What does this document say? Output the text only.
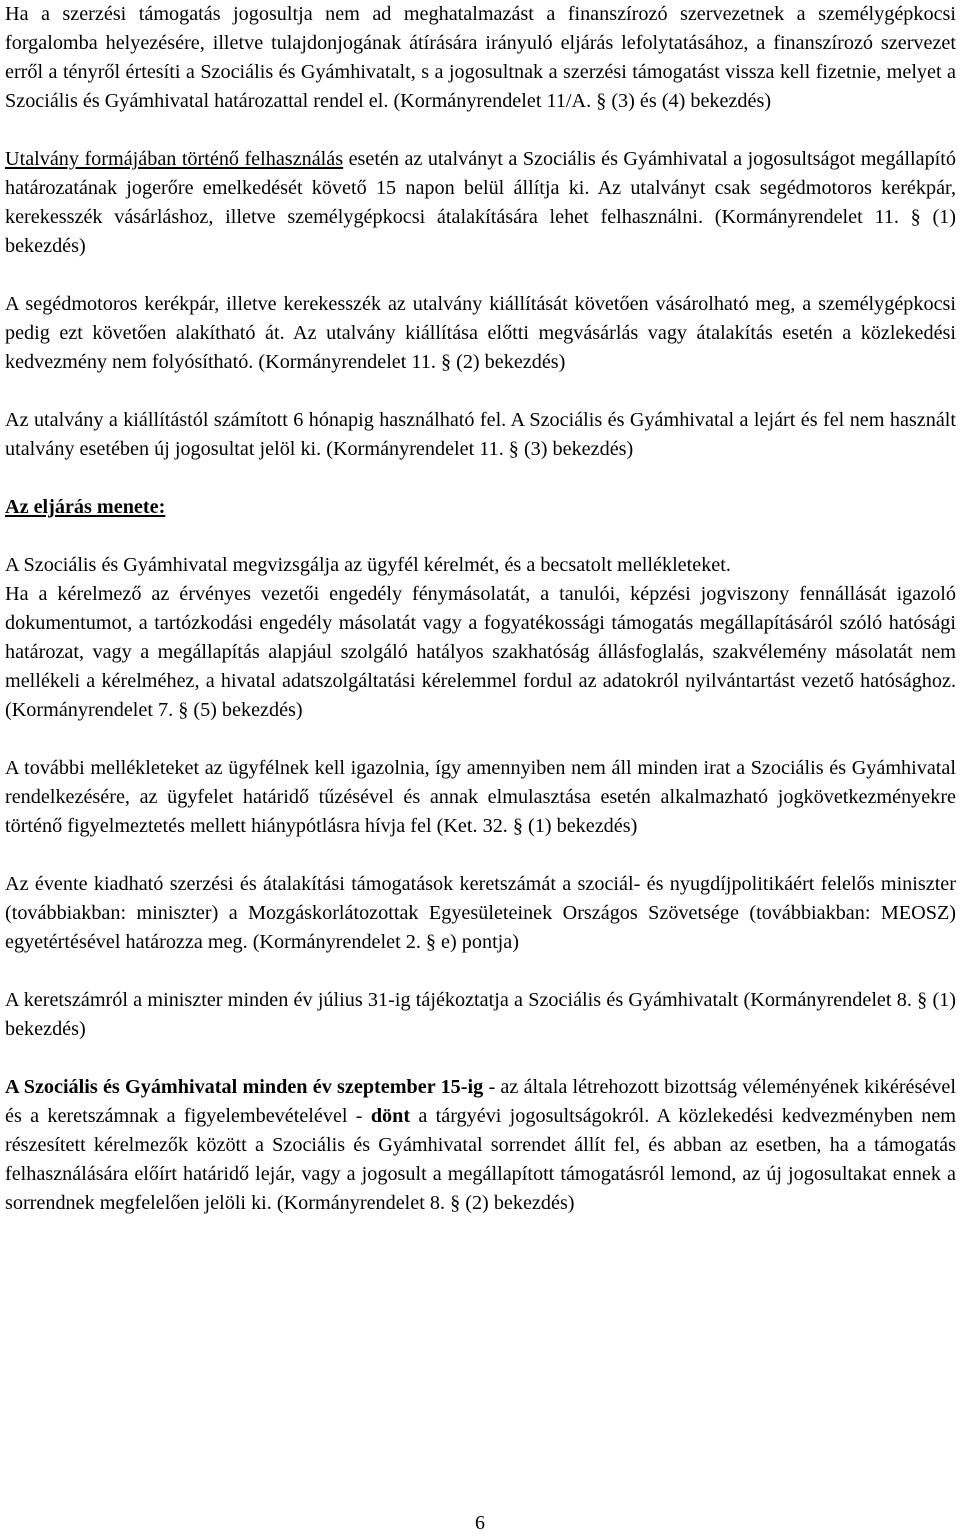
Ha a szerzési támogatás jogosultja nem ad meghatalmazást a finanszírozó szervezetnek a személygépkocsi forgalomba helyezésére, illetve tulajdonjogának átírására irányuló eljárás lefolytatásához, a finanszírozó szervezet erről a tényről értesíti a Szociális és Gyámhivatalt, s a jogosultnak a szerzési támogatást vissza kell fizetnie, melyet a Szociális és Gyámhivatal határozattal rendel el. (Kormányrendelet 11/A. § (3) és (4) bekezdés)

Utalvány formájában történő felhasználás esetén az utalványt a Szociális és Gyámhivatal a jogosultságot megállapító határozatának jogerőre emelkedését követő 15 napon belül állítja ki. Az utalványt csak segédmotoros kerékpár, kerekesszék vásárláshoz, illetve személygépkocsi átalakítására lehet felhasználni. (Kormányrendelet 11. § (1) bekezdés)

A segédmotoros kerékpár, illetve kerekesszék az utalvány kiállítását követően vásárolható meg, a személygépkocsi pedig ezt követően alakítható át. Az utalvány kiállítása előtti megvásárlás vagy átalakítás esetén a közlekedési kedvezmény nem folyósítható. (Kormányrendelet 11. § (2) bekezdés)

Az utalvány a kiállítástól számított 6 hónapig használható fel. A Szociális és Gyámhivatal a lejárt és fel nem használt utalvány esetében új jogosultat jelöl ki. (Kormányrendelet 11. § (3) bekezdés)

Az eljárás menete:

A Szociális és Gyámhivatal megvizsgálja az ügyfél kérelmét, és a becsatolt mellékleteket.

Ha a kérelmező az érvényes vezetői engedély fénymásolatát, a tanulói, képzési jogviszony fennállását igazoló dokumentumot, a tartózkodási engedély másolatát vagy a fogyatékossági támogatás megállapításáról szóló hatósági határozat, vagy a megállapítás alapjául szolgáló hatályos szakhatóság állásfoglalás, szakvélemény másolatát nem mellékeli a kérelméhez, a hivatal adatszolgáltatási kérelemmel fordul az adatokról nyilvántartást vezető hatósághoz. (Kormányrendelet 7. § (5) bekezdés)

A további mellékleteket az ügyfélnek kell igazolnia, így amennyiben nem áll minden irat a Szociális és Gyámhivatal rendelkezésére, az ügyfelet határidő tűzésével és annak elmulasztása esetén alkalmazható jogkövetkezményekre történő figyelmeztetés mellett hiánypótlásra hívja fel (Ket. 32. § (1) bekezdés)

Az évente kiadható szerzési és átalakítási támogatások keretszámát a szociál- és nyugdíjpolitikáért felelős miniszter (továbbiakban: miniszter) a Mozgáskorlátozottak Egyesületeinek Országos Szövetsége (továbbiakban: MEOSZ) egyetértésével határozza meg. (Kormányrendelet 2. § e) pontja)

A keretszámról a miniszter minden év július 31-ig tájékoztatja a Szociális és Gyámhivatalt (Kormányrendelet 8. § (1) bekezdés)

A Szociális és Gyámhivatal minden év szeptember 15-ig - az általa létrehozott bizottság véleményének kikérésével és a keretszámnak a figyelembevételével - dönt a tárgyévi jogosultságokról. A közlekedési kedvezményben nem részesített kérelmezők között a Szociális és Gyámhivatal sorrendet állít fel, és abban az esetben, ha a támogatás felhasználására előírt határidő lejár, vagy a jogosult a megállapított támogatásról lemond, az új jogosultakat ennek a sorrendnek megfelelően jelöli ki. (Kormányrendelet 8. § (2) bekezdés)

6
